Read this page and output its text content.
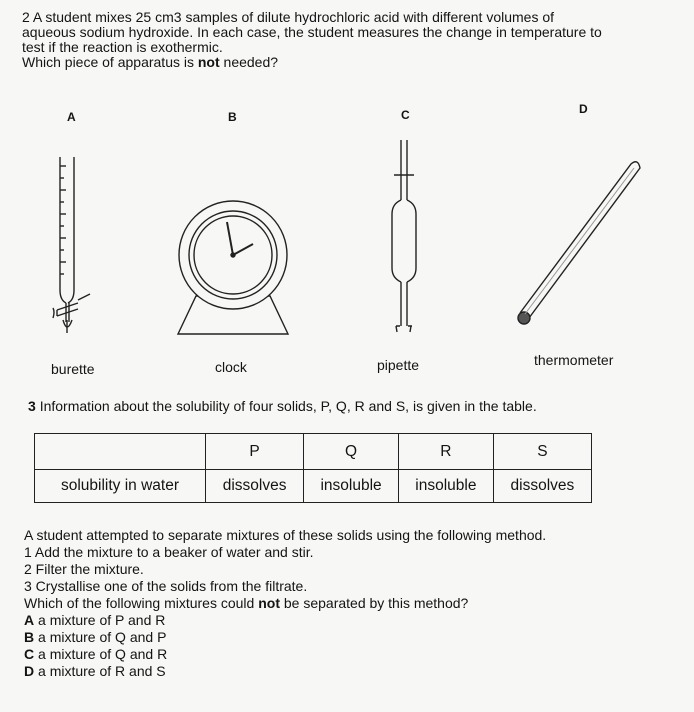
2 A student mixes 25 cm3 samples of dilute hydrochloric acid with different volumes of
aqueous sodium hydroxide. In each case, the student measures the change in temperature to
test if the reaction is exothermic.
Which piece of apparatus is not needed?
A	B	C	D
burette	clock	pipette	thermometer
3 Information about the solubility of four solids, P, Q, R and S, is given in the table.
	P	Q	R	S
solubility in water	dissolves	insoluble	insoluble	dissolves
A student attempted to separate mixtures of these solids using the following method.
1 Add the mixture to a beaker of water and stir.
2 Filter the mixture.
3 Crystallise one of the solids from the filtrate.
Which of the following mixtures could not be separated by this method?
A a mixture of P and R
B a mixture of Q and P
C a mixture of Q and R
D a mixture of R and S
